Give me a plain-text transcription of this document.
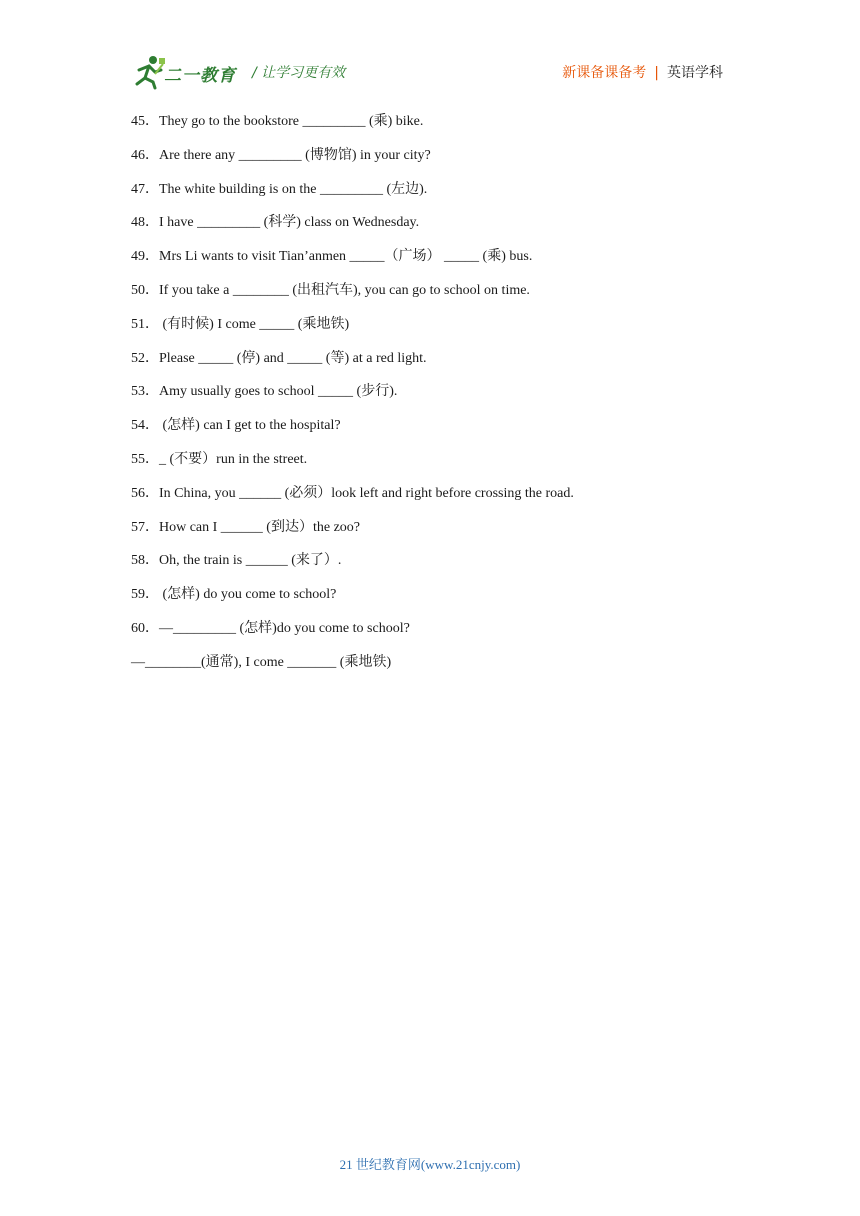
二一教育 / 让学习更有效	新课备课备考 | 英语学科
45．They go to the bookstore _________ (乘) bike.
46．Are there any _________ (博物馆) in your city?
47．The white building is on the _________ (左边).
48．I have _________ (科学) class on Wednesday.
49．Mrs Li wants to visit Tian’anmen _____（广场） _____ (乘) bus.
50．If you take a ________ (出租汽车), you can go to school on time.
51． (有时候) I come _____ (乘地铁)
52．Please _____ (停) and _____ (等) at a red light.
53．Amy usually goes to school _____ (步行).
54． (怎样) can I get to the hospital?
55．_ (不要）run in the street.
56．In China, you ______ (必须）look left and right before crossing the road.
57．How can I ______ (到达）the zoo?
58．Oh, the train is ______ (来了）.
59． (怎样) do you come to school?
60．—_________ (怎样)do you come to school?
—________(通常), I come _______ (乘地铁)
21 世纪教育网(www.21cnjy.com)
